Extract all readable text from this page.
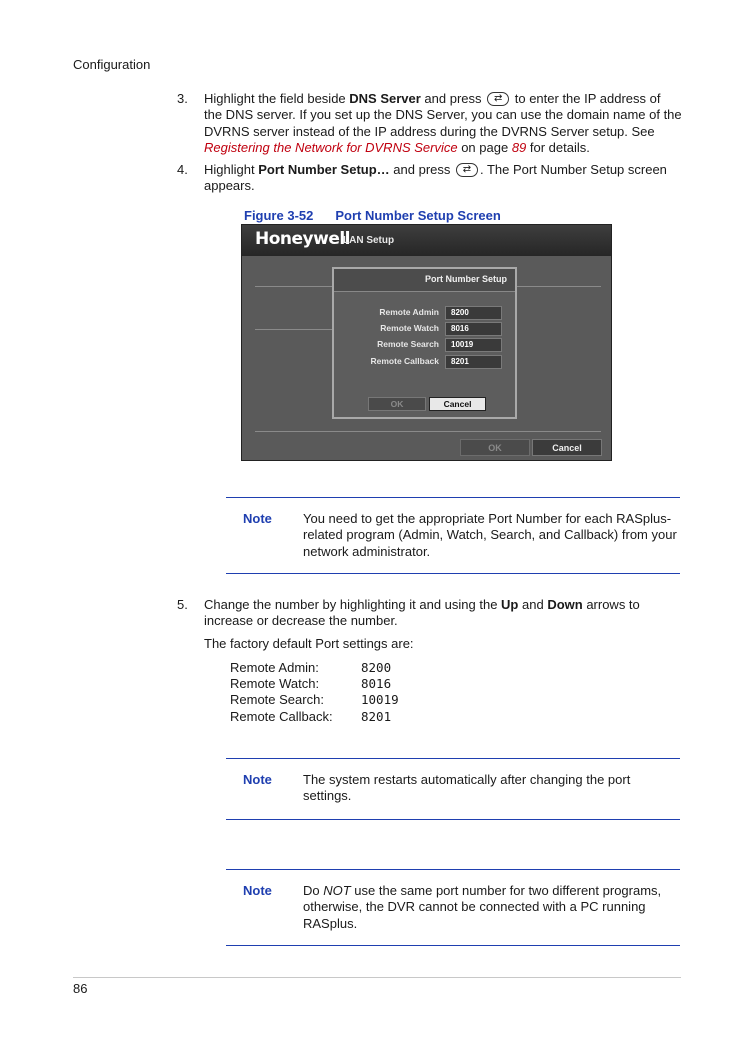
Configuration
3. Highlight the field beside DNS Server and press ⇄ to enter the IP address of the DNS server. If you set up the DNS Server, you can use the domain name of the DVRNS server instead of the IP address during the DVRNS Server setup. See Registering the Network for DVRNS Service on page 89 for details.
4. Highlight Port Number Setup… and press ⇄. The Port Number Setup screen appears.
Figure 3-52 Port Number Setup Screen
Honeywell
LAN Setup
Port Number Setup
Remote Admin	8200
Remote Watch	8016
Remote Search	10019
Remote Callback	8201
OK	Cancel
OK	Cancel
Note You need to get the appropriate Port Number for each RASplus-related program (Admin, Watch, Search, and Callback) from your network administrator.
5. Change the number by highlighting it and using the Up and Down arrows to increase or decrease the number.
The factory default Port settings are:
Remote Admin:	8200
Remote Watch:	8016
Remote Search:	10019
Remote Callback: 8201
Note The system restarts automatically after changing the port settings.
Note Do NOT use the same port number for two different programs, otherwise, the DVR cannot be connected with a PC running RASplus.
86
